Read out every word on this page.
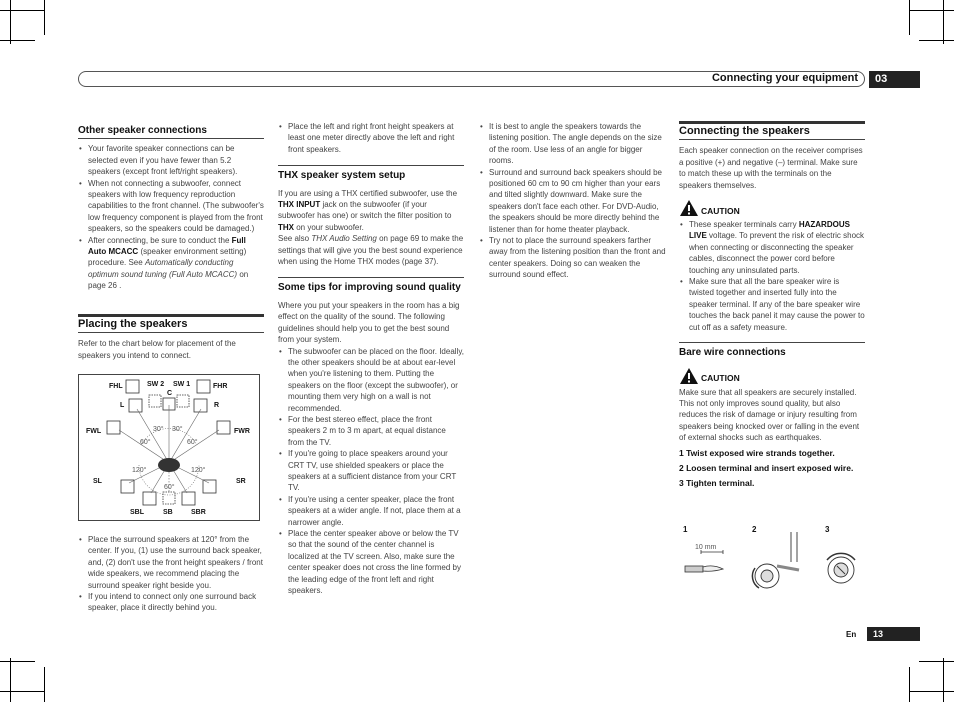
Connecting your equipment	03
Other speaker connections
• Your favorite speaker connections can be selected even if you have fewer than 5.2 speakers (except front left/right speakers).
• When not connecting a subwoofer, connect speakers with low frequency reproduction capabilities to the front channel. (The subwoofer's low frequency component is played from the front speakers, so the speakers could be damaged.)
• After connecting, be sure to conduct the Full Auto MCACC (speaker environment setting) procedure. See Automatically conducting optimum sound tuning (Full Auto MCACC) on page 26 .
Placing the speakers

Refer to the chart below for placement of the speakers you intend to connect.

FHL	SW 2 SW 1	FHR
C
L	R
FWL	FWR
SL	SR
SBL	SB	SBR
30° 30°
60°	60°
120°	120°
60°
• Place the surround speakers at 120° from the center. If you, (1) use the surround back speaker, and, (2) don't use the front height speakers / front wide speakers, we recommend placing the surround speaker right beside you.
• If you intend to connect only one surround back speaker, place it directly behind you.
• Place the left and right front height speakers at least one meter directly above the left and right front speakers.
THX speaker system setup

If you are using a THX certified subwoofer, use the THX INPUT jack on the subwoofer (if your subwoofer has one) or switch the filter position to THX on your subwoofer.

See also THX Audio Setting on page 69 to make the settings that will give you the best sound experience when using the Home THX modes (page 37).

Some tips for improving sound quality

Where you put your speakers in the room has a big effect on the quality of the sound. The following guidelines should help you to get the best sound from your system.

• The subwoofer can be placed on the floor. Ideally, the other speakers should be at about ear-level when you're listening to them. Putting the speakers on the floor (except the subwoofer), or mounting them very high on a wall is not recommended.
• For the best stereo effect, place the front speakers 2 m to 3 m apart, at equal distance from the TV.
• If you're going to place speakers around your CRT TV, use shielded speakers or place the speakers at a sufficient distance from your CRT TV.
• If you're using a center speaker, place the front speakers at a wider angle. If not, place them at a narrower angle.
• Place the center speaker above or below the TV so that the sound of the center channel is localized at the TV screen. Also, make sure the center speaker does not cross the line formed by the leading edge of the front left and right speakers.
• It is best to angle the speakers towards the listening position. The angle depends on the size of the room. Use less of an angle for bigger rooms.
• Surround and surround back speakers should be positioned 60 cm to 90 cm higher than your ears and tilted slightly downward. Make sure the speakers don't face each other. For DVD-Audio, the speakers should be more directly behind the listener than for home theater playback.
• Try not to place the surround speakers farther away from the listening position than the front and center speakers. Doing so can weaken the surround sound effect.
Connecting the speakers

Each speaker connection on the receiver comprises a positive (+) and negative (–) terminal. Make sure to match these up with the terminals on the speakers themselves.

CAUTION
• These speaker terminals carry HAZARDOUS LIVE voltage. To prevent the risk of electric shock when connecting or disconnecting the speaker cables, disconnect the power cord before touching any uninsulated parts.
• Make sure that all the bare speaker wire is twisted together and inserted fully into the speaker terminal. If any of the bare speaker wire touches the back panel it may cause the power to cut off as a safety measure.
Bare wire connections
CAUTION

Make sure that all speakers are securely installed. This not only improves sound quality, but also reduces the risk of damage or injury resulting from speakers being knocked over or falling in the event of external shocks such as earthquakes.

1 Twist exposed wire strands together.
2 Loosen terminal and insert exposed wire.
3 Tighten terminal.
1	2	3
10 mm
En	13
